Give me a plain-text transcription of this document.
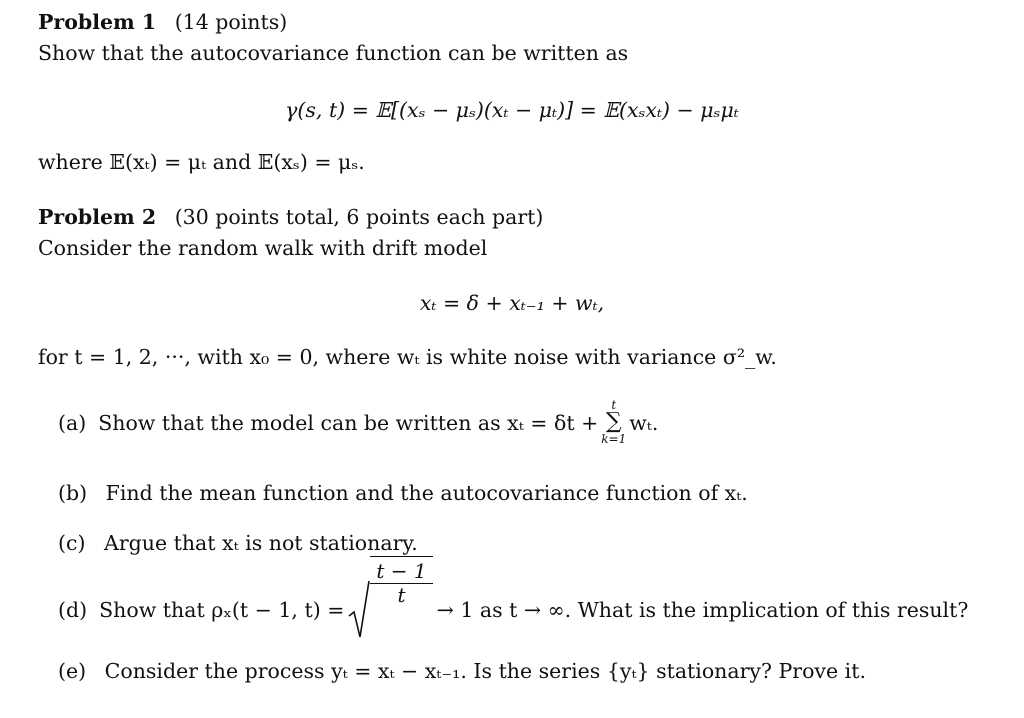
Problem 1 (14 points)
Show that the autocovariance function can be written as
γ(s, t) = 𝔼[(xₛ − μₛ)(xₜ − μₜ)] = 𝔼(xₛxₜ) − μₛμₜ
where 𝔼(xₜ) = μₜ and 𝔼(xₛ) = μₛ.
Problem 2 (30 points total, 6 points each part)
Consider the random walk with drift model
xₜ = δ + xₜ₋₁ + wₜ,
for t = 1, 2, ···, with x₀ = 0, where wₜ is white noise with variance σ²_w.
(a) Show that the model can be written as xₜ = δt +
t
∑
k=1
wₜ.
(b) Find the mean function and the autocovariance function of xₜ.
(c) Argue that xₜ is not stationary.
(d) Show that ρₓ(t − 1, t) =
$\frac{t - 1}{t}$
→ 1 as t → ∞. What is the implication of this result?
(e) Consider the process yₜ = xₜ − xₜ₋₁. Is the series {yₜ} stationary? Prove it.
